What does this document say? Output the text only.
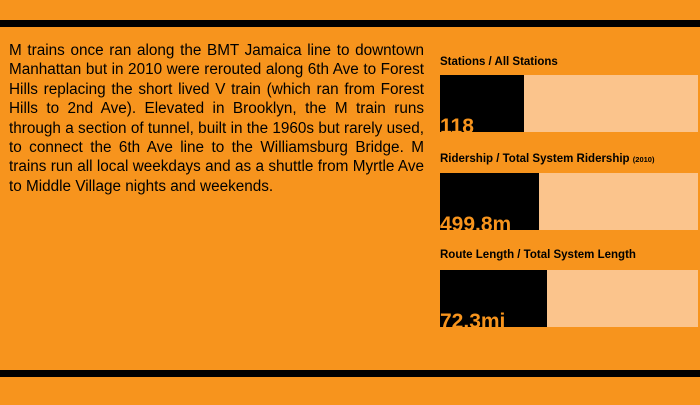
M trains once ran along the BMT Jamaica line to downtown Manhattan but in 2010 were rerouted along 6th Ave to Forest Hills replacing the short lived V train (which ran from Forest Hills to 2nd Ave). Elevated in Brooklyn, the M train runs through a section of tunnel, built in the 1960s but rarely used, to connect the 6th Ave line to the Williamsburg Bridge. M trains run all local weekdays and as a shuttle from Myrtle Ave to Middle Village nights and weekends.

Stations / All Stations
118
Ridership / Total System Ridership (2010)
499.8m
Route Length / Total System Length
72.3mi
